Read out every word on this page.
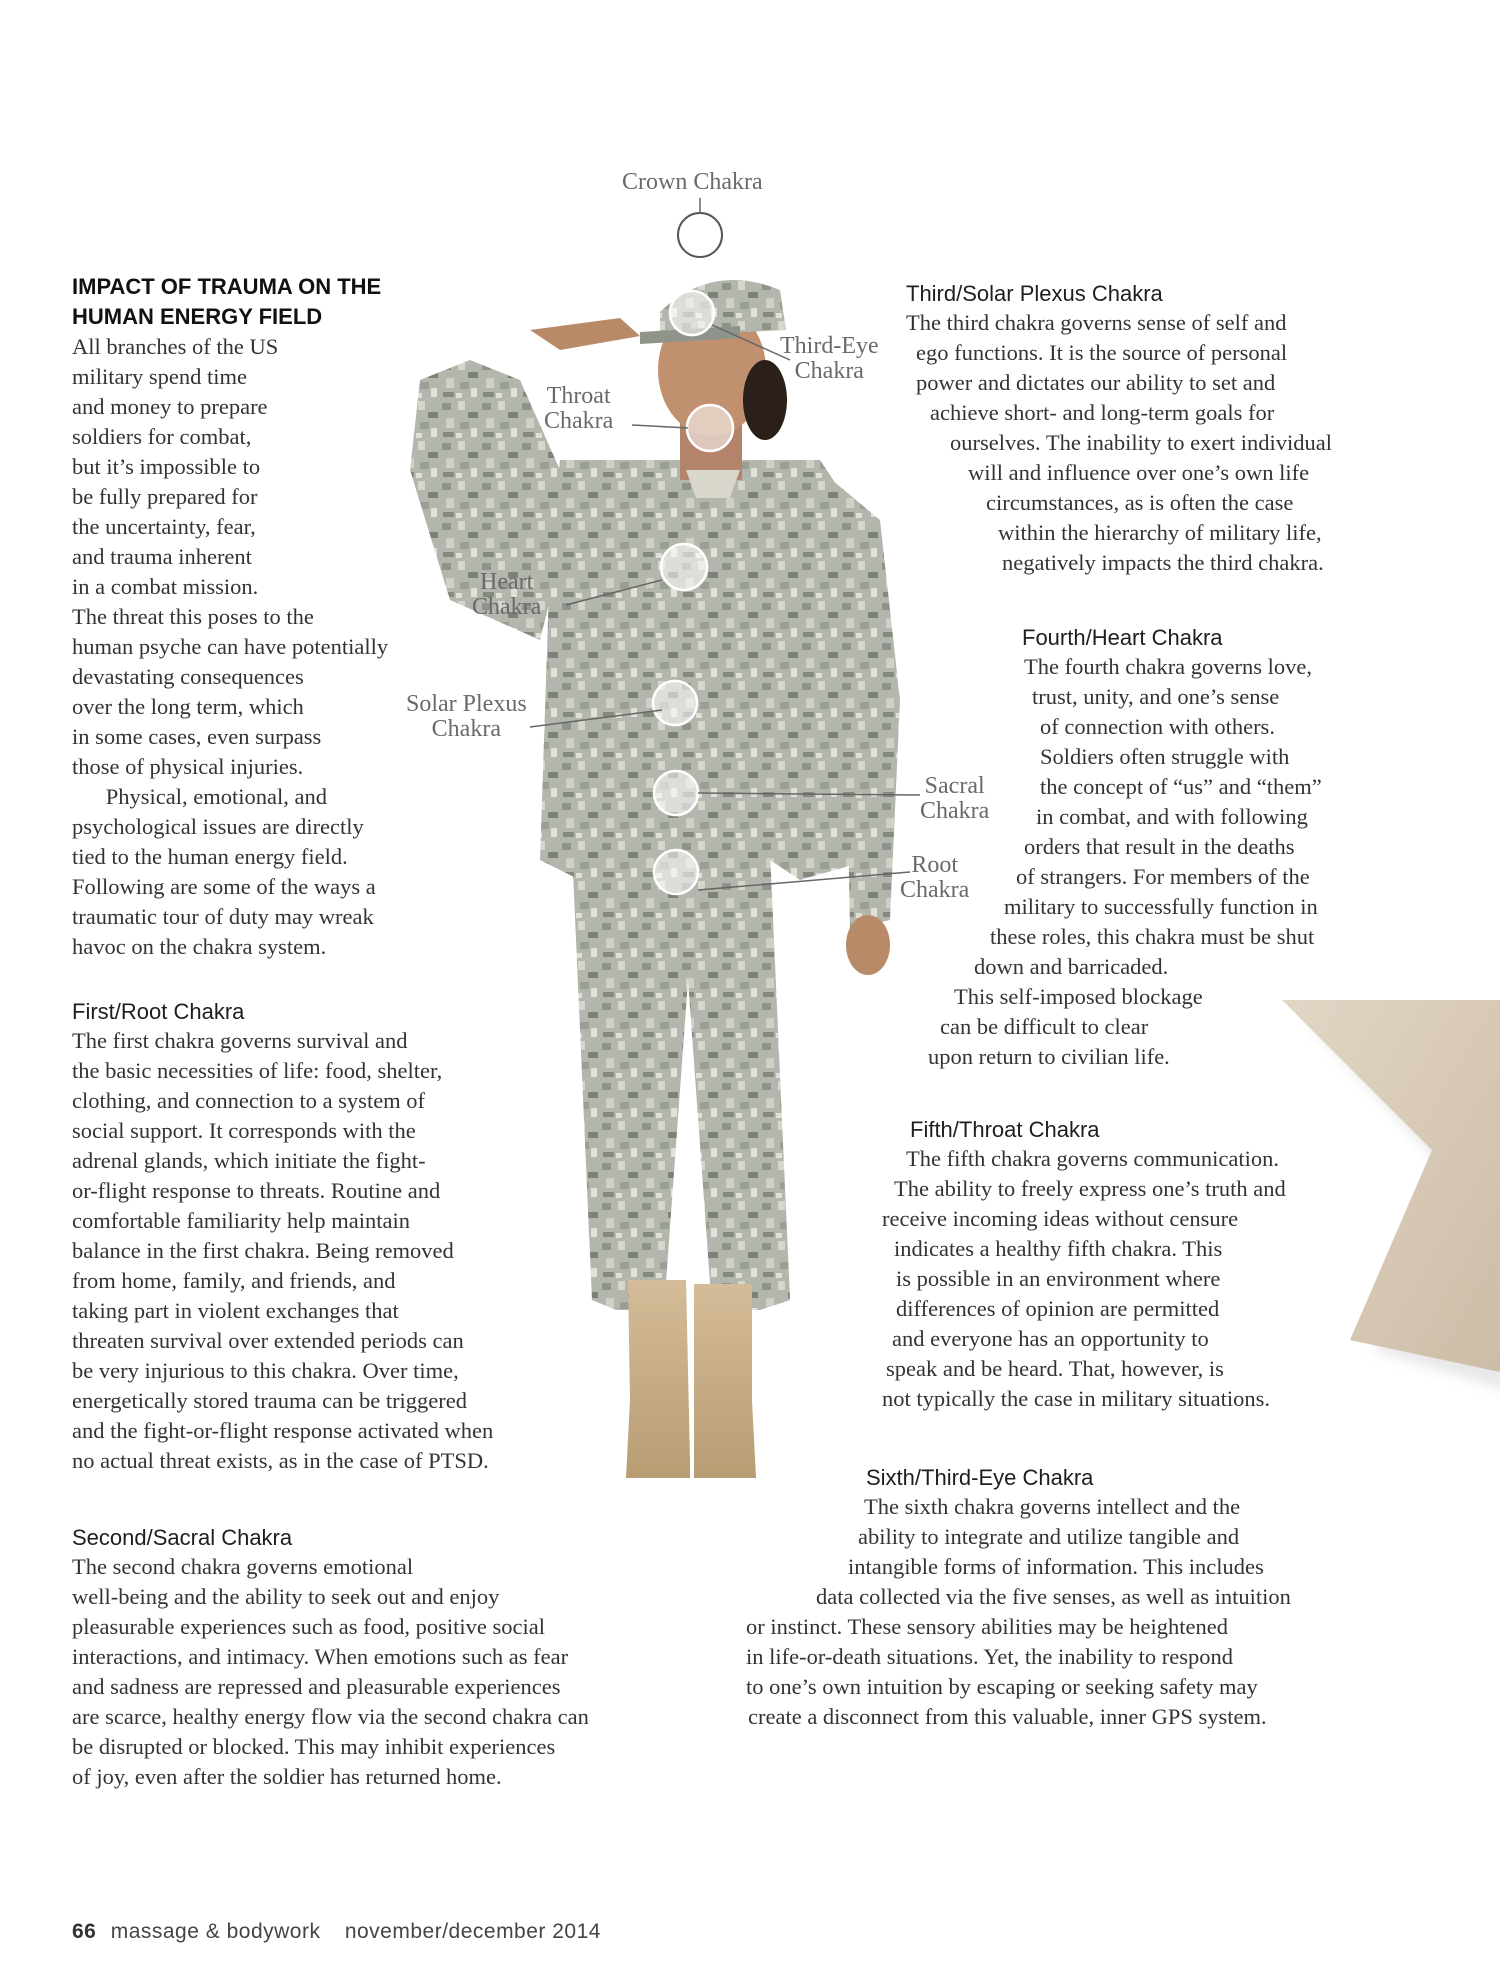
Crown Chakra
Third-Eye
Chakra
Throat
Chakra
Heart
Chakra
Solar Plexus
Chakra
Sacral
Chakra
Root
Chakra
IMPACT OF TRAUMA ON THE
HUMAN ENERGY FIELD
All branches of the US
military spend time
and money to prepare
soldiers for combat,
but it’s impossible to
be fully prepared for
the uncertainty, fear,
and trauma inherent
in a combat mission.
The threat this poses to the
human psyche can have potentially
devastating consequences
over the long term, which
in some cases, even surpass
those of physical injuries.
  Physical, emotional, and
psychological issues are directly
tied to the human energy field.
Following are some of the ways a
traumatic tour of duty may wreak
havoc on the chakra system.
First/Root Chakra
The first chakra governs survival and
the basic necessities of life: food, shelter,
clothing, and connection to a system of
social support. It corresponds with the
adrenal glands, which initiate the fight-
or-flight response to threats. Routine and
comfortable familiarity help maintain
balance in the first chakra. Being removed
from home, family, and friends, and
taking part in violent exchanges that
threaten survival over extended periods can
be very injurious to this chakra. Over time,
energetically stored trauma can be triggered
and the fight-or-flight response activated when
no actual threat exists, as in the case of PTSD.
Second/Sacral Chakra
The second chakra governs emotional
well-being and the ability to seek out and enjoy
pleasurable experiences such as food, positive social
interactions, and intimacy. When emotions such as fear
and sadness are repressed and pleasurable experiences
are scarce, healthy energy flow via the second chakra can
be disrupted or blocked. This may inhibit experiences
of joy, even after the soldier has returned home.
Third/Solar Plexus Chakra
The third chakra governs sense of self and
ego functions. It is the source of personal
power and dictates our ability to set and
achieve short- and long-term goals for
ourselves. The inability to exert individual
will and influence over one’s own life
circumstances, as is often the case
within the hierarchy of military life,
negatively impacts the third chakra.
Fourth/Heart Chakra
The fourth chakra governs love,
trust, unity, and one’s sense
of connection with others.
Soldiers often struggle with
the concept of “us” and “them”
in combat, and with following
orders that result in the deaths
of strangers. For members of the
military to successfully function in
these roles, this chakra must be shut
down and barricaded.
This self-imposed blockage
can be difficult to clear
upon return to civilian life.
Fifth/Throat Chakra
The fifth chakra governs communication.
The ability to freely express one’s truth and
receive incoming ideas without censure
indicates a healthy fifth chakra. This
is possible in an environment where
differences of opinion are permitted
and everyone has an opportunity to
speak and be heard. That, however, is
not typically the case in military situations.
Sixth/Third-Eye Chakra
The sixth chakra governs intellect and the
ability to integrate and utilize tangible and
intangible forms of information. This includes
data collected via the five senses, as well as intuition
or instinct. These sensory abilities may be heightened
in life-or-death situations. Yet, the inability to respond
to one’s own intuition by escaping or seeking safety may
create a disconnect from this valuable, inner GPS system.
66 massage & bodywork november/december 2014
